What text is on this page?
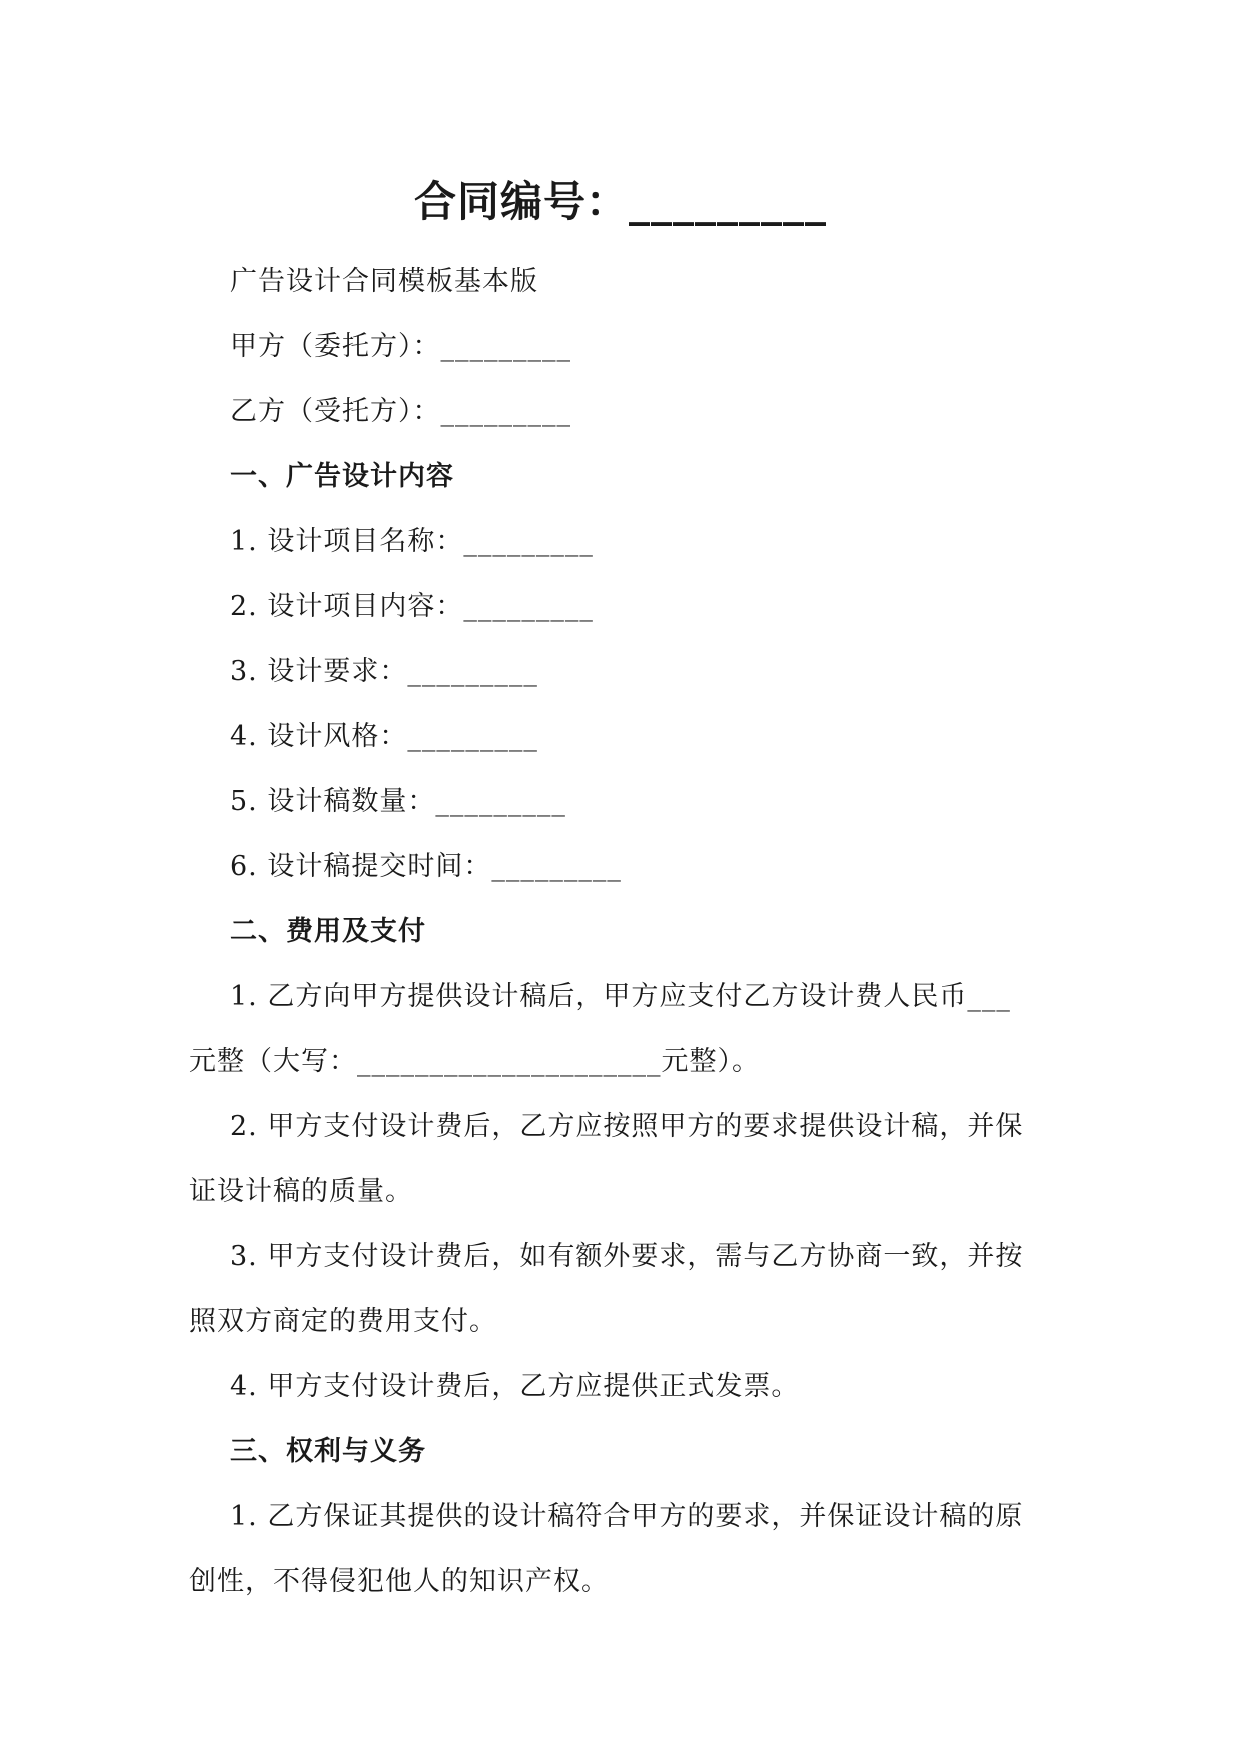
合同编号：_________
广告设计合同模板基本版
甲方（委托方）：_________
乙方（受托方）：_________
一、广告设计内容
1. 设计项目名称：_________
2. 设计项目内容：_________
3. 设计要求：_________
4. 设计风格：_________
5. 设计稿数量：_________
6. 设计稿提交时间：_________
二、费用及支付
1. 乙方向甲方提供设计稿后，甲方应支付乙方设计费人民币___
元整（大写：_____________________元整）。
2. 甲方支付设计费后，乙方应按照甲方的要求提供设计稿，并保
证设计稿的质量。
3. 甲方支付设计费后，如有额外要求，需与乙方协商一致，并按
照双方商定的费用支付。
4. 甲方支付设计费后，乙方应提供正式发票。
三、权利与义务
1. 乙方保证其提供的设计稿符合甲方的要求，并保证设计稿的原
创性，不得侵犯他人的知识产权。
